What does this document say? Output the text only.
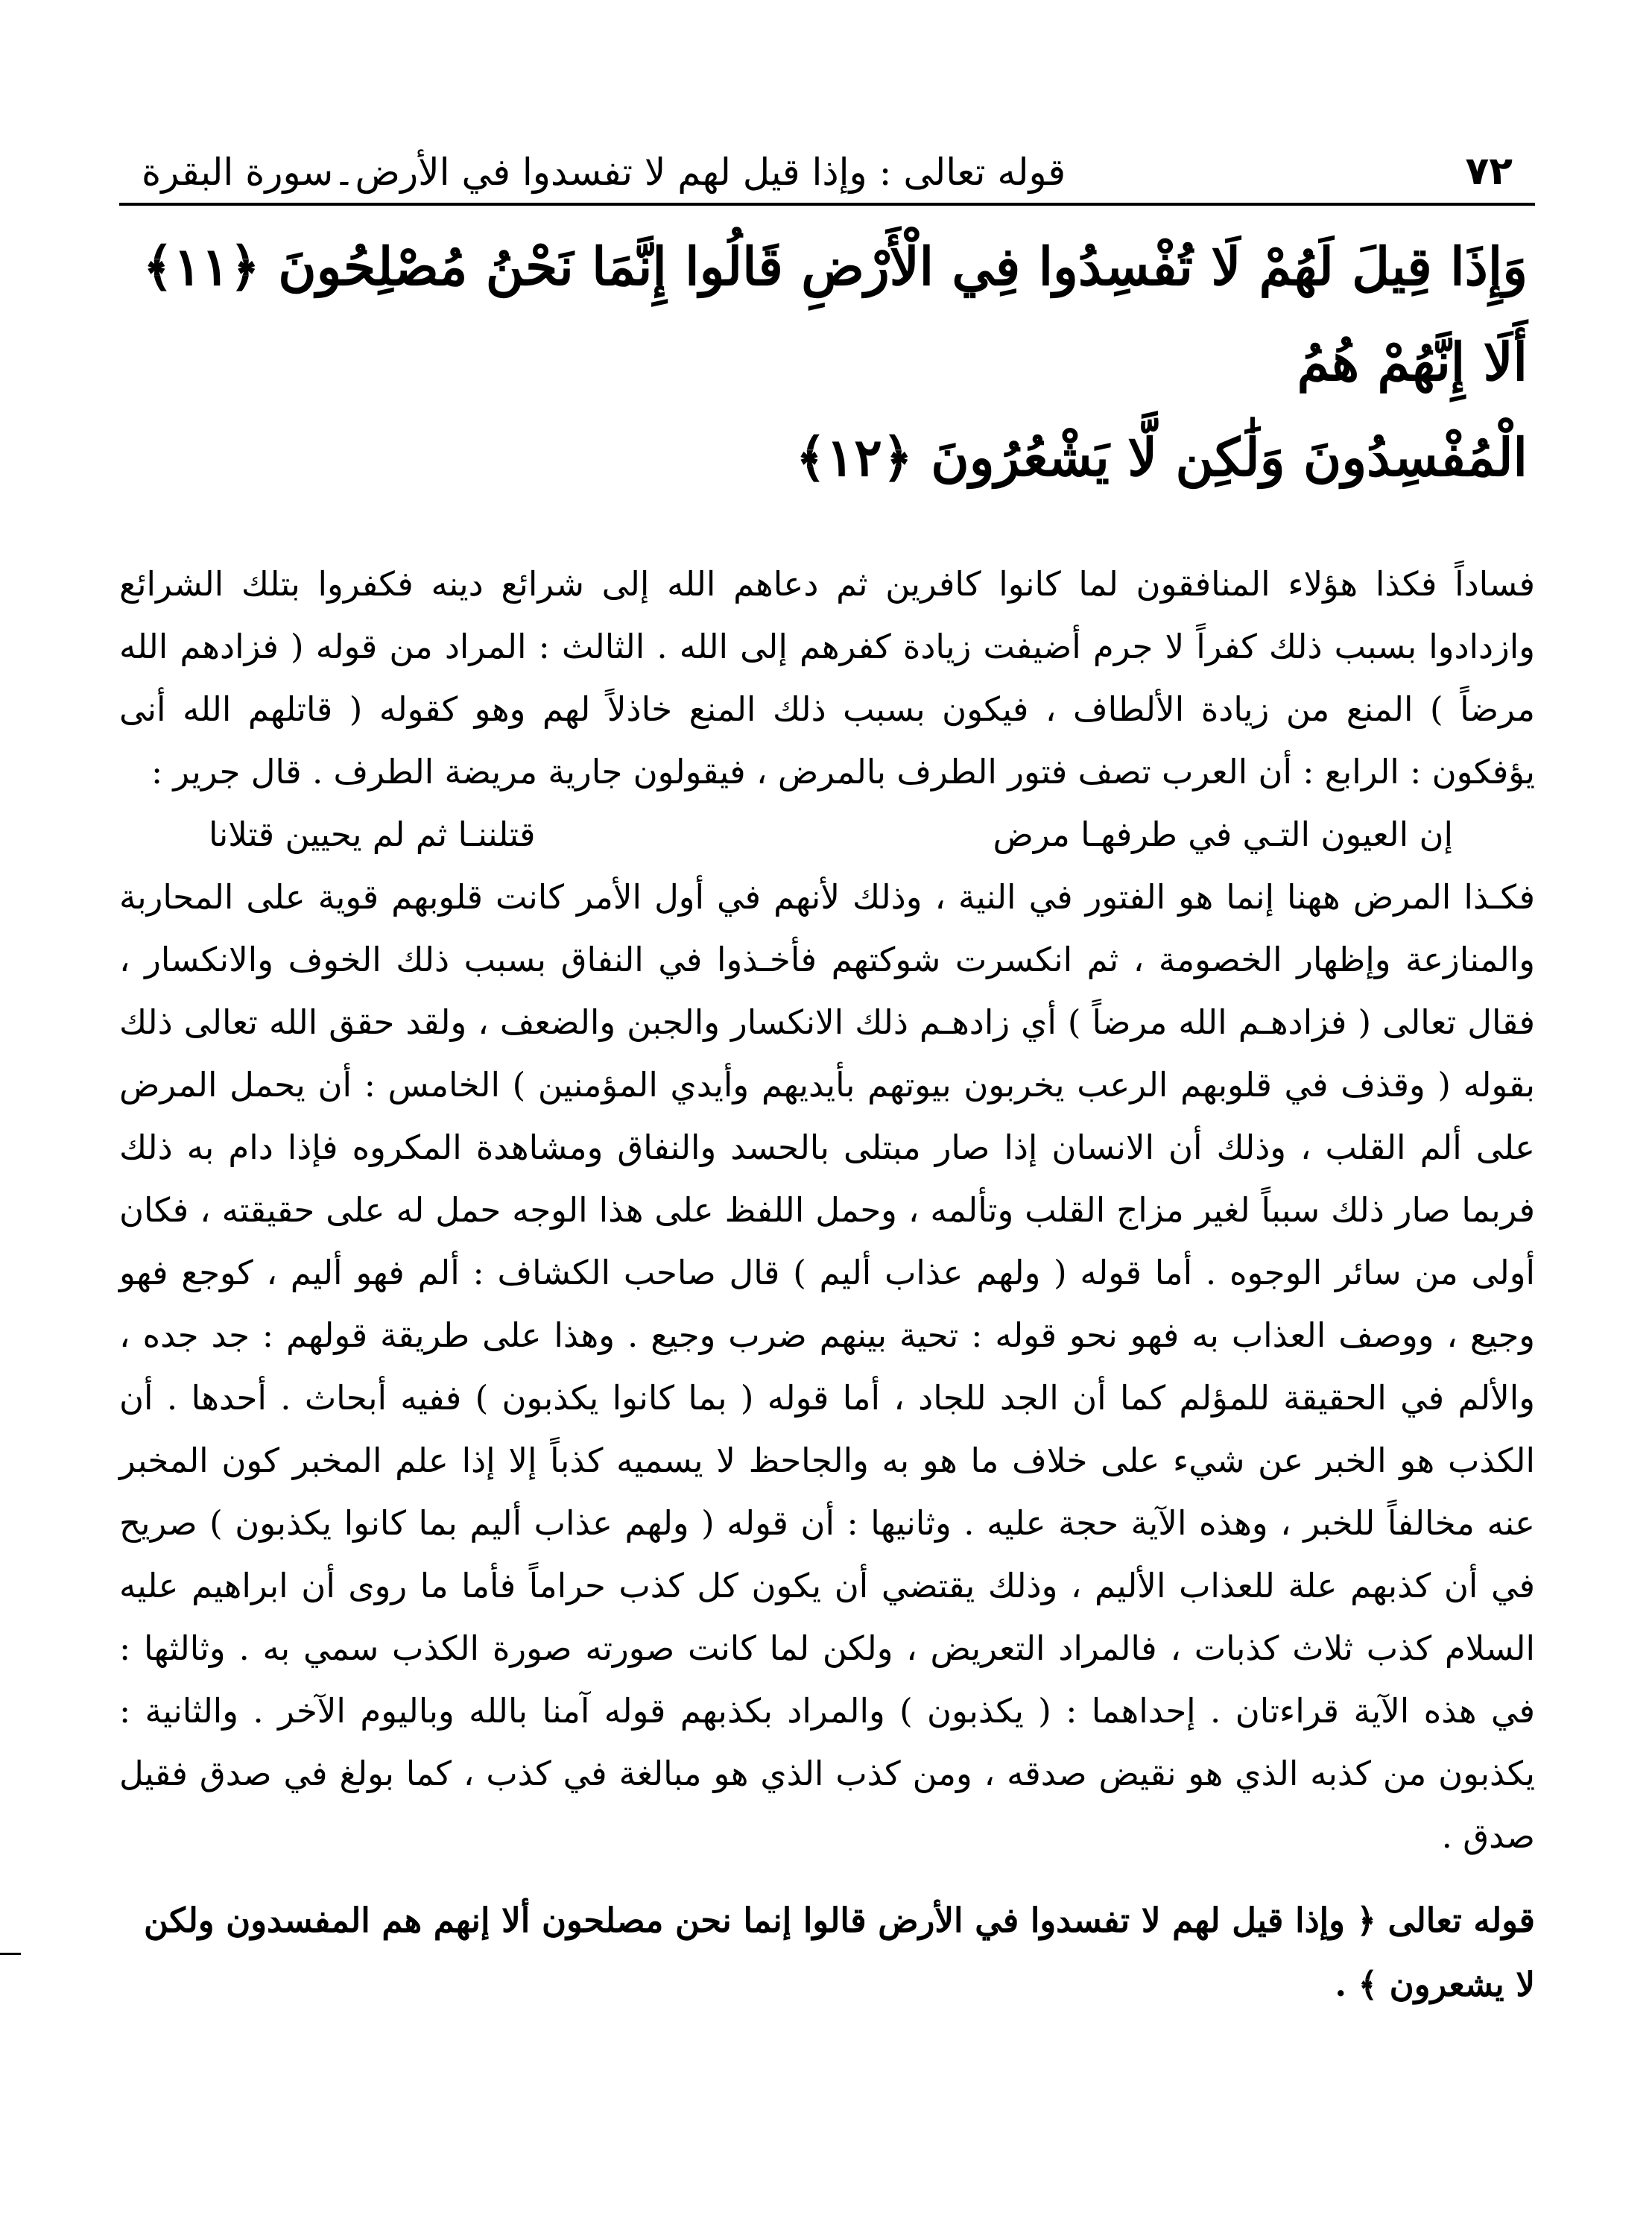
قوله تعالى : وإذا قيل لهم لا تفسدوا في الأرض۔سورة البقرة	٧٢
وَإِذَا قِيلَ لَهُمْ لَا تُفْسِدُوا فِي الْأَرْضِ قَالُوا إِنَّمَا نَحْنُ مُصْلِحُونَ ﴿١١﴾ أَلَا إِنَّهُمْ هُمُ
الْمُفْسِدُونَ وَلَٰكِن لَّا يَشْعُرُونَ ﴿١٢﴾

فساداً فكذا هؤلاء المنافقون لما كانوا كافرين ثم دعاهم الله إلى شرائع دينه فكفروا بتلك الشرائع وازدادوا بسبب ذلك كفراً لا جرم أضيفت زيادة كفرهم إلى الله . الثالث : المراد من قوله ( فزادهم الله مرضاً ) المنع من زيادة الألطاف ، فيكون بسبب ذلك المنع خاذلاً لهم وهو كقوله ( قاتلهم الله أنى يؤفكون : الرابع : أن العرب تصف فتور الطرف بالمرض ، فيقولون جارية مريضة الطرف . قال جرير :

إن العيون التـي في طرفهـا مرض
قتلننـا ثم لم يحيين قتلانا

فكـذا المرض ههنا إنما هو الفتور في النية ، وذلك لأنهم في أول الأمر كانت قلوبهم قوية على المحاربة والمنازعة وإظهار الخصومة ، ثم انكسرت شوكتهم فأخـذوا في النفاق بسبب ذلك الخوف والانكسار ، فقال تعالى ( فزادهـم الله مرضاً ) أي زادهـم ذلك الانكسار والجبن والضعف ، ولقد حقق الله تعالى ذلك بقوله ( وقذف في قلوبهم الرعب يخربون بيوتهم بأيديهم وأيدي المؤمنين ) الخامس : أن يحمل المرض على ألم القلب ، وذلك أن الانسان إذا صار مبتلى بالحسد والنفاق ومشاهدة المكروه فإذا دام به ذلك فربما صار ذلك سبباً لغير مزاج القلب وتألمه ، وحمل اللفظ على هذا الوجه حمل له على حقيقته ، فكان أولى من سائر الوجوه . أما قوله ( ولهم عذاب أليم ) قال صاحب الكشاف : ألم فهو أليم ، كوجع فهو وجيع ، ووصف العذاب به فهو نحو قوله : تحية بينهم ضرب وجيع . وهذا على طريقة قولهم : جد جده ، والألم في الحقيقة للمؤلم كما أن الجد للجاد ، أما قوله ( بما كانوا يكذبون ) ففيه أبحاث . أحدها . أن الكذب هو الخبر عن شيء على خلاف ما هو به والجاحظ لا يسميه كذباً إلا إذا علم المخبر كون المخبر عنه مخالفاً للخبر ، وهذه الآية حجة عليه . وثانيها : أن قوله ( ولهم عذاب أليم بما كانوا يكذبون ) صريح في أن كذبهم علة للعذاب الأليم ، وذلك يقتضي أن يكون كل كذب حراماً فأما ما روى أن ابراهيم عليه السلام كذب ثلاث كذبات ، فالمراد التعريض ، ولكن لما كانت صورته صورة الكذب سمي به . وثالثها : في هذه الآية قراءتان . إحداهما : ( يكذبون ) والمراد بكذبهم قوله آمنا بالله وباليوم الآخر . والثانية : يكذبون من كذبه الذي هو نقيض صدقه ، ومن كذب الذي هو مبالغة في كذب ، كما بولغ في صدق فقيل صدق .

قوله تعالى ﴿ وإذا قيل لهم لا تفسدوا في الأرض قالوا إنما نحن مصلحون ألا إنهم هم المفسدون ولكن لا يشعرون ﴾ .
